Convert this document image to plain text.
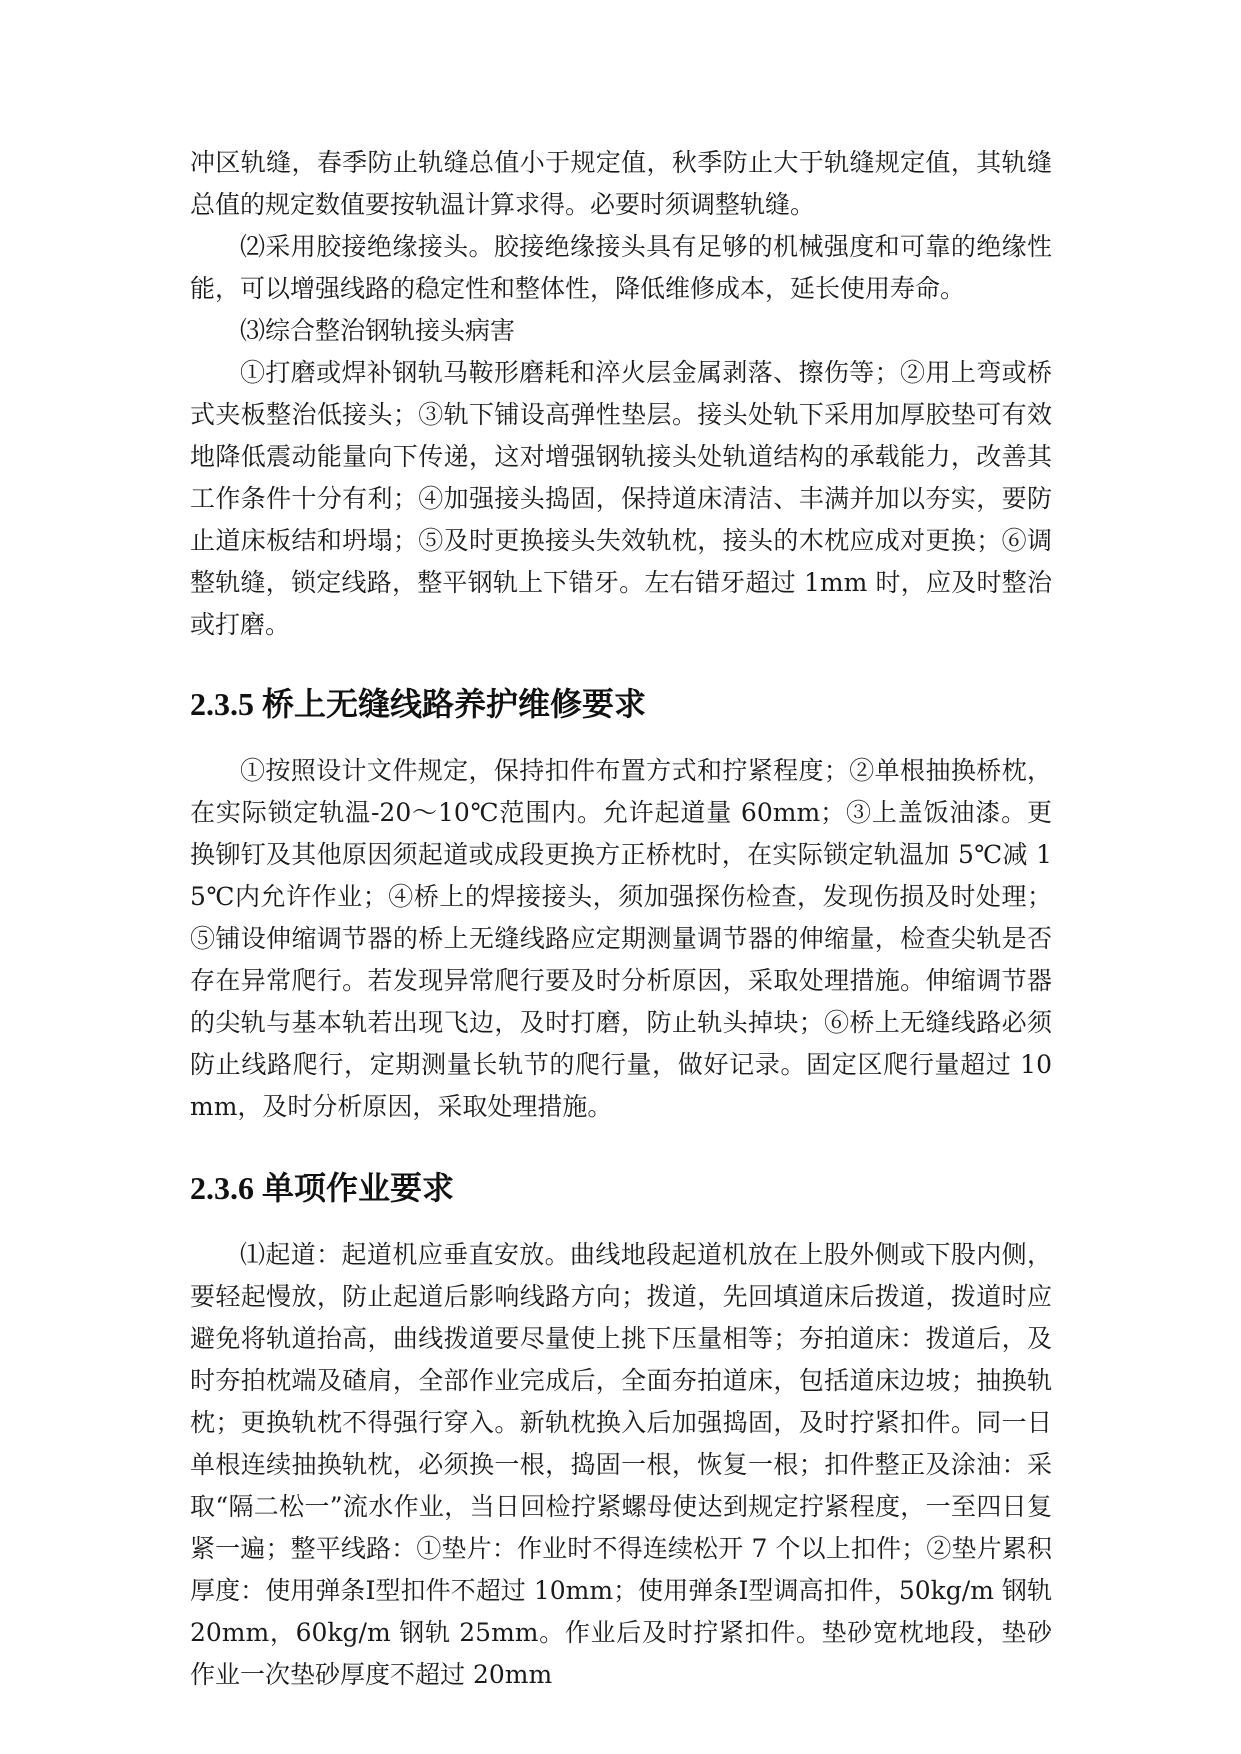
冲区轨缝，春季防止轨缝总值小于规定值，秋季防止大于轨缝规定值，其轨缝总值的规定数值要按轨温计算求得。必要时须调整轨缝。

⑵采用胶接绝缘接头。胶接绝缘接头具有足够的机械强度和可靠的绝缘性能，可以增强线路的稳定性和整体性，降低维修成本，延长使用寿命。

⑶综合整治钢轨接头病害

①打磨或焊补钢轨马鞍形磨耗和淬火层金属剥落、擦伤等；②用上弯或桥式夹板整治低接头；③轨下铺设高弹性垫层。接头处轨下采用加厚胶垫可有效地降低震动能量向下传递，这对增强钢轨接头处轨道结构的承载能力，改善其工作条件十分有利；④加强接头捣固，保持道床清洁、丰满并加以夯实，要防止道床板结和坍塌；⑤及时更换接头失效轨枕，接头的木枕应成对更换；⑥调整轨缝，锁定线路，整平钢轨上下错牙。左右错牙超过 1mm 时，应及时整治或打磨。

2.3.5 桥上无缝线路养护维修要求

①按照设计文件规定，保持扣件布置方式和拧紧程度；②单根抽换桥枕，在实际锁定轨温-20～10℃范围内。允许起道量 60mm；③上盖饭油漆。更换铆钉及其他原因须起道或成段更换方正桥枕时，在实际锁定轨温加 5℃减 15℃内允许作业；④桥上的焊接接头，须加强探伤检查，发现伤损及时处理；⑤铺设伸缩调节器的桥上无缝线路应定期测量调节器的伸缩量，检查尖轨是否存在异常爬行。若发现异常爬行要及时分析原因，采取处理措施。伸缩调节器的尖轨与基本轨若出现飞边，及时打磨，防止轨头掉块；⑥桥上无缝线路必须防止线路爬行，定期测量长轨节的爬行量，做好记录。固定区爬行量超过 10mm，及时分析原因，采取处理措施。

2.3.6 单项作业要求

⑴起道：起道机应垂直安放。曲线地段起道机放在上股外侧或下股内侧，要轻起慢放，防止起道后影响线路方向；拨道，先回填道床后拨道，拨道时应避免将轨道抬高，曲线拨道要尽量使上挑下压量相等；夯拍道床：拨道后，及时夯拍枕端及碴肩，全部作业完成后，全面夯拍道床，包括道床边坡；抽换轨枕；更换轨枕不得强行穿入。新轨枕换入后加强捣固，及时拧紧扣件。同一日单根连续抽换轨枕，必须换一根，捣固一根，恢复一根；扣件整正及涂油：采取“隔二松一”流水作业，当日回检拧紧螺母使达到规定拧紧程度，一至四日复紧一遍；整平线路：①垫片：作业时不得连续松开 7 个以上扣件；②垫片累积厚度：使用弹条Ⅰ型扣件不超过 10mm；使用弹条Ⅰ型调高扣件，50kg/m 钢轨 20mm，60kg/m 钢轨 25mm。作业后及时拧紧扣件。垫砂宽枕地段，垫砂作业一次垫砂厚度不超过 20mm
